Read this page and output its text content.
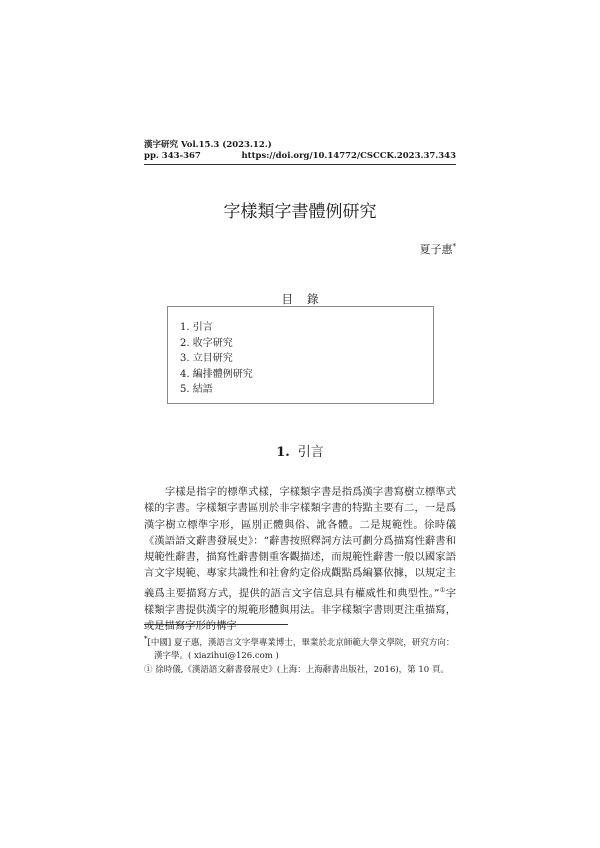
漢字研究 Vol.15.3 (2023.12.)
pp. 343-367	https://doi.org/10.14772/CSCCK.2023.37.343
字樣類字書體例研究
夏子惠*
目錄
1. 引言
2. 收字研究
3. 立目研究
4. 編排體例研究
5. 結語
1. 引言

字樣是指字的標準式樣，字樣類字書是指爲漢字書寫樹立標準式樣的字書。字樣類字書區別於非字樣類字書的特點主要有二，一是爲漢字樹立標準字形，區別正體與俗、訛各體。二是規範性。徐時儀《漢語語文辭書發展史》：“辭書按照釋詞方法可劃分爲描寫性辭書和規範性辭書，描寫性辭書側重客觀描述，而規範性辭書一般以國家語言文字規範、專家共識性和社會約定俗成觀點爲編纂依據，以規定主義爲主要描寫方式，提供的語言文字信息具有權威性和典型性。”①字樣類字書提供漢字的規範形體與用法。非字樣類字書則更注重描寫，或是描寫字形的構字

*[中國] 夏子惠，漢語言文字學專業博士，畢業於北京師範大學文學院，研究方向：
漢字學。( xiazihui@126.com )
① 徐時儀,《漢語語文辭書發展史》(上海：上海辭書出版社，2016)，第 10 頁。
